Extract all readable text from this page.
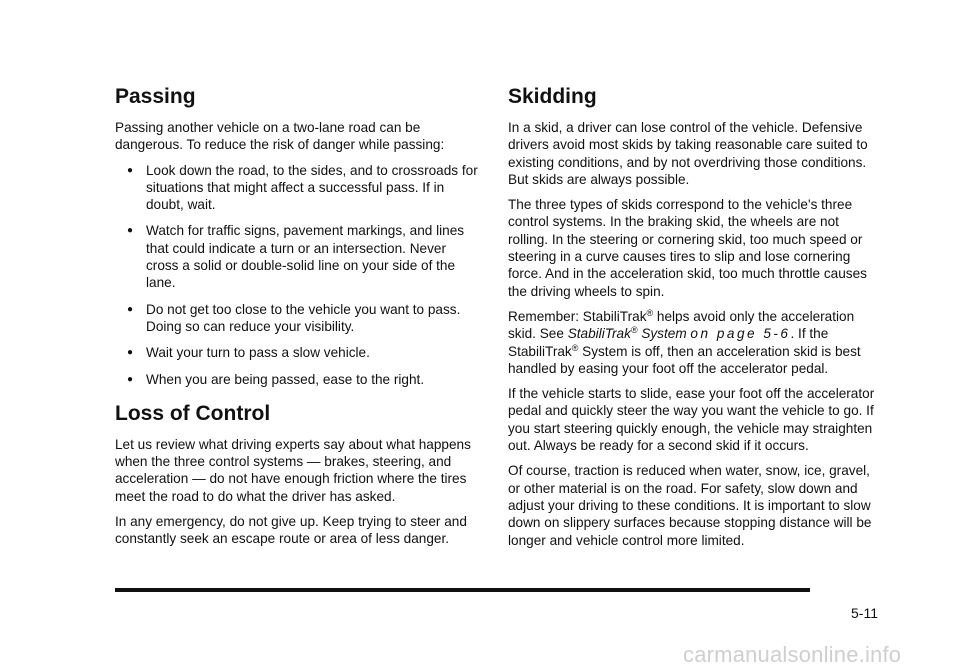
Passing

Passing another vehicle on a two-lane road can be dangerous. To reduce the risk of danger while passing:

● Look down the road, to the sides, and to crossroads for situations that might affect a successful pass. If in doubt, wait.
● Watch for traffic signs, pavement markings, and lines that could indicate a turn or an intersection. Never cross a solid or double-solid line on your side of the lane.
● Do not get too close to the vehicle you want to pass. Doing so can reduce your visibility.
● Wait your turn to pass a slow vehicle.
● When you are being passed, ease to the right.
Loss of Control

Let us review what driving experts say about what happens when the three control systems — brakes, steering, and acceleration — do not have enough friction where the tires meet the road to do what the driver has asked.

In any emergency, do not give up. Keep trying to steer and constantly seek an escape route or area of less danger.

Skidding

In a skid, a driver can lose control of the vehicle. Defensive drivers avoid most skids by taking reasonable care suited to existing conditions, and by not overdriving those conditions. But skids are always possible.

The three types of skids correspond to the vehicle's three control systems. In the braking skid, the wheels are not rolling. In the steering or cornering skid, too much speed or steering in a curve causes tires to slip and lose cornering force. And in the acceleration skid, too much throttle causes the driving wheels to spin.

Remember: StabiliTrak® helps avoid only the acceleration skid. See StabiliTrak® System on page 5-6. If the StabiliTrak® System is off, then an acceleration skid is best handled by easing your foot off the accelerator pedal.

If the vehicle starts to slide, ease your foot off the accelerator pedal and quickly steer the way you want the vehicle to go. If you start steering quickly enough, the vehicle may straighten out. Always be ready for a second skid if it occurs.

Of course, traction is reduced when water, snow, ice, gravel, or other material is on the road. For safety, slow down and adjust your driving to these conditions. It is important to slow down on slippery surfaces because stopping distance will be longer and vehicle control more limited.

5-11
carmanualsonline.info
